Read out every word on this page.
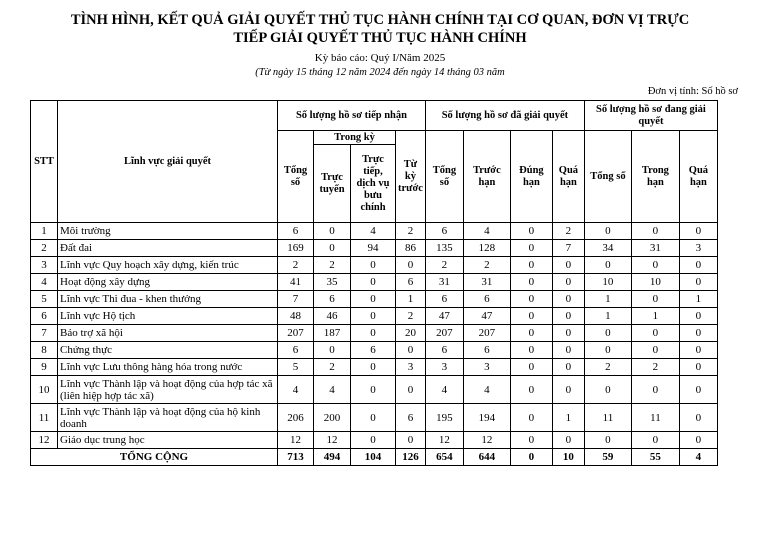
TÌNH HÌNH, KẾT QUẢ GIẢI QUYẾT THỦ TỤC HÀNH CHÍNH TẠI CƠ QUAN, ĐƠN VỊ TRỰC
TIẾP GIẢI QUYẾT THỦ TỤC HÀNH CHÍNH
Kỳ báo cáo: Quý I/Năm 2025
(Từ ngày 15 tháng 12 năm 2024 đến ngày 14 tháng 03 năm
Đơn vị tính: Số hồ sơ
STT	Lĩnh vực giải quyết	Số lượng hồ sơ tiếp nhận				Số lượng hồ sơ đã giải quyết				Số lượng hồ sơ đang giải quyết		
		Tổng số	Trong kỳ		Từ kỳ trước	Tổng số	Trước hạn	Đúng hạn	Quá hạn	Tổng số	Trong hạn	Quá hạn
			Trực tuyến	Trực tiếp, dịch vụ bưu chính								
1	Môi trường	6	0	4	2	6	4	0	2	0	0	0
2	Đất đai	169	0	94	86	135	128	0	7	34	31	3
3	Lĩnh vực Quy hoạch xây dựng, kiến trúc	2	2	0	0	2	2	0	0	0	0	0
4	Hoạt động xây dựng	41	35	0	6	31	31	0	0	10	10	0
5	Lĩnh vực Thi đua - khen thưởng	7	6	0	1	6	6	0	0	1	0	1
6	Lĩnh vực Hộ tịch	48	46	0	2	47	47	0	0	1	1	0
7	Bảo trợ xã hội	207	187	0	20	207	207	0	0	0	0	0
8	Chứng thực	6	0	6	0	6	6	0	0	0	0	0
9	Lĩnh vực Lưu thông hàng hóa trong nước	5	2	0	3	3	3	0	0	2	2	0
10	Lĩnh vực Thành lập và hoạt động của hợp tác xã (liên hiệp hợp tác xã)	4	4	0	0	4	4	0	0	0	0	0
11	Lĩnh vực Thành lập và hoạt động của hộ kinh doanh	206	200	0	6	195	194	0	1	11	11	0
12	Giáo dục trung học	12	12	0	0	12	12	0	0	0	0	0
TỔNG CỘNG		713	494	104	126	654	644	0	10	59	55	4
